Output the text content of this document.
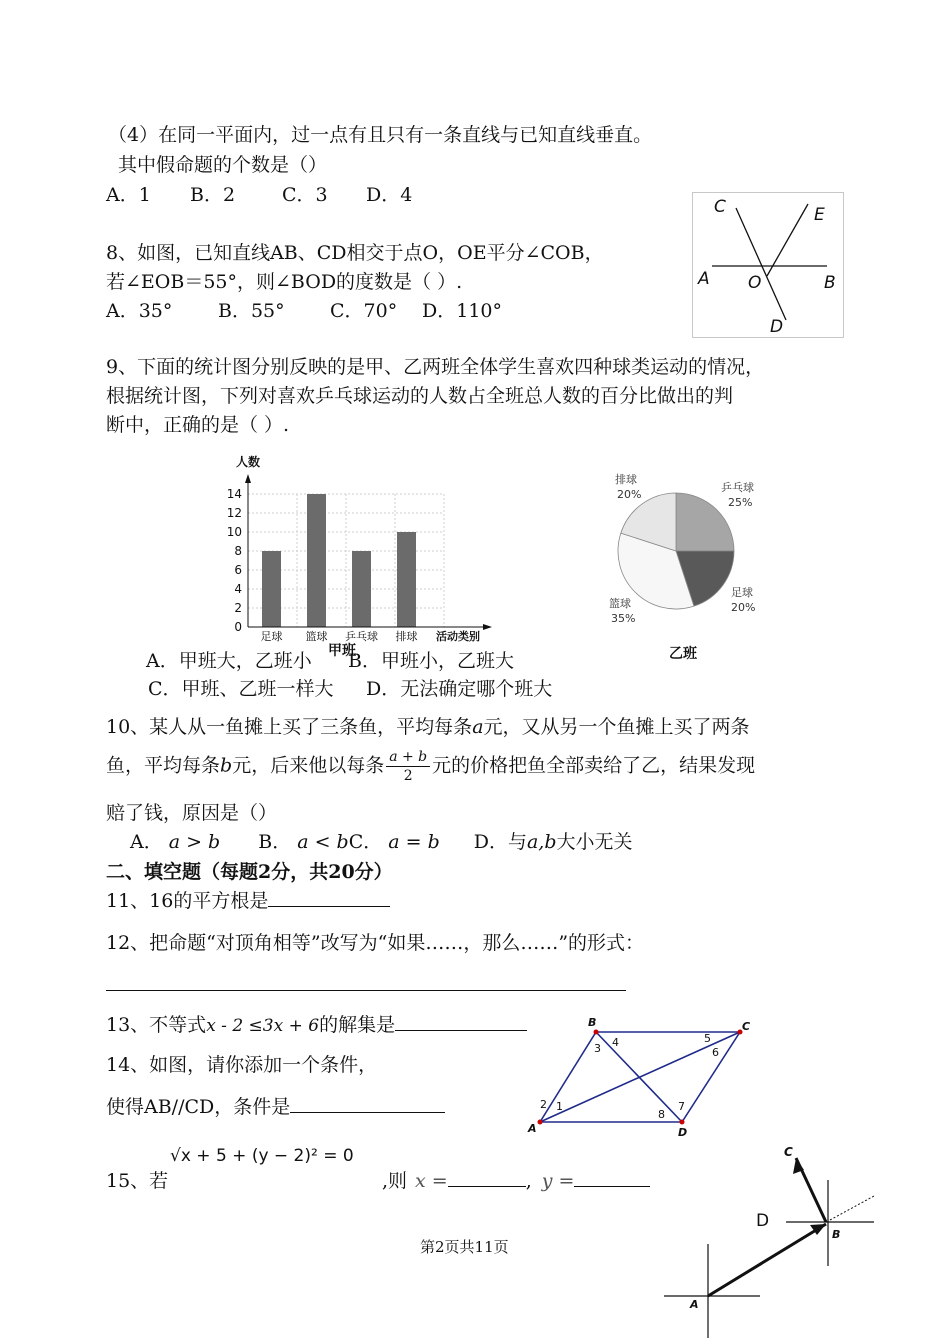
（4）在同一平面内，过一点有且只有一条直线与已知直线垂直。
其中假命题的个数是（）
A．1 B．2 C．3 D．4
8、如图，已知直线AB、CD相交于点O，OE平分∠COB，
若∠EOB＝55°，则∠BOD的度数是（ ）.
A．35° B．55° C．70° D．110°
C	E
A O	B
D
9、下面的统计图分别反映的是甲、乙两班全体学生喜欢四种球类运动的情况，
根据统计图，下列对喜欢乒乓球运动的人数占全班总人数的百分比做出的判
断中，正确的是（ ）.
0
2
4
6
8
10
12
14
足球 篮球 乒乓球 排球
人数
活动类别
甲班
排球
20%
乒乓球
25%
足球
20%
篮球
35%
乙班
A．甲班大，乙班小 B．甲班小，乙班大
C．甲班、乙班一样大 D．无法确定哪个班大
10、某人从一鱼摊上买了三条鱼，平均每条a元，又从另一个鱼摊上买了两条
鱼，平均每条b元，后来他以每条 $\frac{a + b}{2}$ 元的价格把鱼全部卖给了乙，结果发现
赔了钱，原因是（）
A． a > b B． a < bC． a = b D．与a,b大小无关
二、填空题（每题2分，共20分）
11、16的平方根是
12、把命题“对顶角相等”改写为“如果……，那么……”的形式：
13、不等式x - 2 ≤3x + 6的解集是
14、如图，请你添加一个条件，
使得AB//CD，条件是
B	C
A	D
1
2
3 4	5
6
7
8
15、若
√x + 5 + (y − 2)² = 0
,则 x =	, y =
C
D
B
A
第2页共11页
